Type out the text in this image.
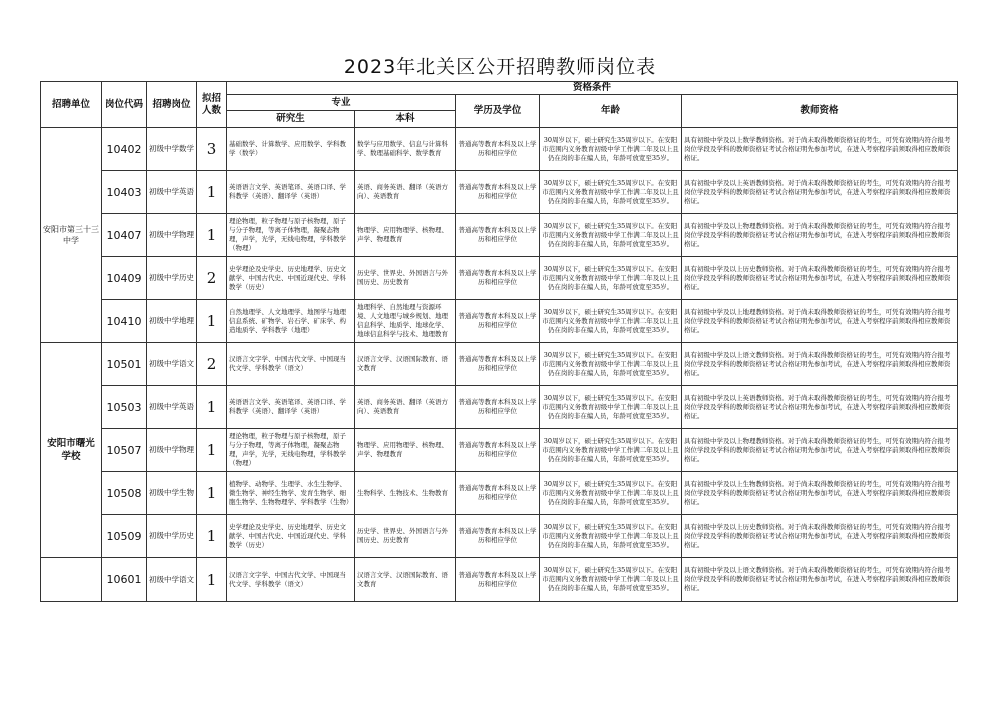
2023年北关区公开招聘教师岗位表
招聘单位	岗位代码	招聘岗位	拟招人数	资格条件				
				专业		学历及学位	年龄	教师资格
				研究生	本科			
安阳市第三十三中学	10402	初级中学数学	3	基础数学、计算数学、应用数学、学科教学（数学）	数学与应用数学、信息与计算科学、数理基础科学、数学教育	普通高等教育本科及以上学历和相应学位	30周岁以下，硕士研究生35周岁以下。在安阳市范围内义务教育初级中学工作满二年及以上且仍在岗的非在编人员，年龄可放宽至35岁。	具有初级中学及以上数学教师资格。对于尚未取得教师资格证的考生，可凭有效期内符合报考岗位学段及学科的教师资格证考试合格证明先参加考试，在进入考察程序前须取得相应教师资格证。
	10403	初级中学英语	1	英语语言文学、英语笔译、英语口译、学科教学（英语）、翻译学（英语）	英语、商务英语、翻译（英语方向）、英语教育	普通高等教育本科及以上学历和相应学位	30周岁以下，硕士研究生35周岁以下。在安阳市范围内义务教育初级中学工作满二年及以上且仍在岗的非在编人员，年龄可放宽至35岁。	具有初级中学及以上英语教师资格。对于尚未取得教师资格证的考生，可凭有效期内符合报考岗位学段及学科的教师资格证考试合格证明先参加考试，在进入考察程序前须取得相应教师资格证。
	10407	初级中学物理	1	理论物理，粒子物理与原子核物理，原子与分子物理，等离子体物理，凝聚态物理，声学，光学，无线电物理，学科教学（物理）	物理学、应用物理学、核物理、声学、物理教育	普通高等教育本科及以上学历和相应学位	30周岁以下，硕士研究生35周岁以下。在安阳市范围内义务教育初级中学工作满二年及以上且仍在岗的非在编人员，年龄可放宽至35岁。	具有初级中学及以上物理教师资格。对于尚未取得教师资格证的考生，可凭有效期内符合报考岗位学段及学科的教师资格证考试合格证明先参加考试，在进入考察程序前须取得相应教师资格证。
	10409	初级中学历史	2	史学理论及史学史、历史地理学、历史文献学、中国古代史、中国近现代史、学科教学（历史）	历史学、世界史、外国语言与外国历史、历史教育	普通高等教育本科及以上学历和相应学位	30周岁以下，硕士研究生35周岁以下。在安阳市范围内义务教育初级中学工作满二年及以上且仍在岗的非在编人员，年龄可放宽至35岁。	具有初级中学及以上历史教师资格。对于尚未取得教师资格证的考生，可凭有效期内符合报考岗位学段及学科的教师资格证考试合格证明先参加考试，在进入考察程序前须取得相应教师资格证。
	10410	初级中学地理	1	自然地理学、人文地理学、地图学与地理信息系统、矿物学、岩石学、矿床学、构造地质学、学科教学（地理）	地理科学、自然地理与资源环境、人文地理与城乡规划、地理信息科学、地质学、地球化学、地球信息科学与技术、地理教育	普通高等教育本科及以上学历和相应学位	30周岁以下，硕士研究生35周岁以下。在安阳市范围内义务教育初级中学工作满二年及以上且仍在岗的非在编人员，年龄可放宽至35岁。	具有初级中学及以上地理教师资格。对于尚未取得教师资格证的考生，可凭有效期内符合报考岗位学段及学科的教师资格证考试合格证明先参加考试，在进入考察程序前须取得相应教师资格证。
安阳市曙光学校	10501	初级中学语文	2	汉语言文字学、中国古代文学、中国现当代文学、学科教学（语文）	汉语言文学、汉语国际教育、语文教育	普通高等教育本科及以上学历和相应学位	30周岁以下，硕士研究生35周岁以下。在安阳市范围内义务教育初级中学工作满二年及以上且仍在岗的非在编人员，年龄可放宽至35岁。	具有初级中学及以上语文教师资格。对于尚未取得教师资格证的考生，可凭有效期内符合报考岗位学段及学科的教师资格证考试合格证明先参加考试，在进入考察程序前须取得相应教师资格证。
	10503	初级中学英语	1	英语语言文学、英语笔译、英语口译、学科教学（英语）、翻译学（英语）	英语、商务英语、翻译（英语方向）、英语教育	普通高等教育本科及以上学历和相应学位	30周岁以下，硕士研究生35周岁以下。在安阳市范围内义务教育初级中学工作满二年及以上且仍在岗的非在编人员，年龄可放宽至35岁。	具有初级中学及以上英语教师资格。对于尚未取得教师资格证的考生，可凭有效期内符合报考岗位学段及学科的教师资格证考试合格证明先参加考试，在进入考察程序前须取得相应教师资格证。
	10507	初级中学物理	1	理论物理，粒子物理与原子核物理，原子与分子物理，等离子体物理，凝聚态物理，声学，光学，无线电物理，学科教学（物理）	物理学、应用物理学、核物理、声学、物理教育	普通高等教育本科及以上学历和相应学位	30周岁以下，硕士研究生35周岁以下。在安阳市范围内义务教育初级中学工作满二年及以上且仍在岗的非在编人员，年龄可放宽至35岁。	具有初级中学及以上物理教师资格。对于尚未取得教师资格证的考生，可凭有效期内符合报考岗位学段及学科的教师资格证考试合格证明先参加考试，在进入考察程序前须取得相应教师资格证。
	10508	初级中学生物	1	植物学、动物学、生理学、水生生物学、微生物学、神经生物学、发育生物学、细胞生物学、生物物理学、学科教学（生物）	生物科学、生物技术、生物教育	普通高等教育本科及以上学历和相应学位	30周岁以下，硕士研究生35周岁以下。在安阳市范围内义务教育初级中学工作满二年及以上且仍在岗的非在编人员，年龄可放宽至35岁。	具有初级中学及以上生物教师资格。对于尚未取得教师资格证的考生，可凭有效期内符合报考岗位学段及学科的教师资格证考试合格证明先参加考试，在进入考察程序前须取得相应教师资格证。
	10509	初级中学历史	1	史学理论及史学史、历史地理学、历史文献学、中国古代史、中国近现代史、学科教学（历史）	历史学、世界史、外国语言与外国历史、历史教育	普通高等教育本科及以上学历和相应学位	30周岁以下，硕士研究生35周岁以下。在安阳市范围内义务教育初级中学工作满二年及以上且仍在岗的非在编人员，年龄可放宽至35岁。	具有初级中学及以上历史教师资格。对于尚未取得教师资格证的考生，可凭有效期内符合报考岗位学段及学科的教师资格证考试合格证明先参加考试，在进入考察程序前须取得相应教师资格证。
	10601	初级中学语文	1	汉语言文字学、中国古代文学、中国现当代文学、学科教学（语文）	汉语言文学、汉语国际教育、语文教育	普通高等教育本科及以上学历和相应学位	30周岁以下，硕士研究生35周岁以下。在安阳市范围内义务教育初级中学工作满二年及以上且仍在岗的非在编人员，年龄可放宽至35岁。	具有初级中学及以上语文教师资格。对于尚未取得教师资格证的考生，可凭有效期内符合报考岗位学段及学科的教师资格证考试合格证明先参加考试，在进入考察程序前须取得相应教师资格证。
